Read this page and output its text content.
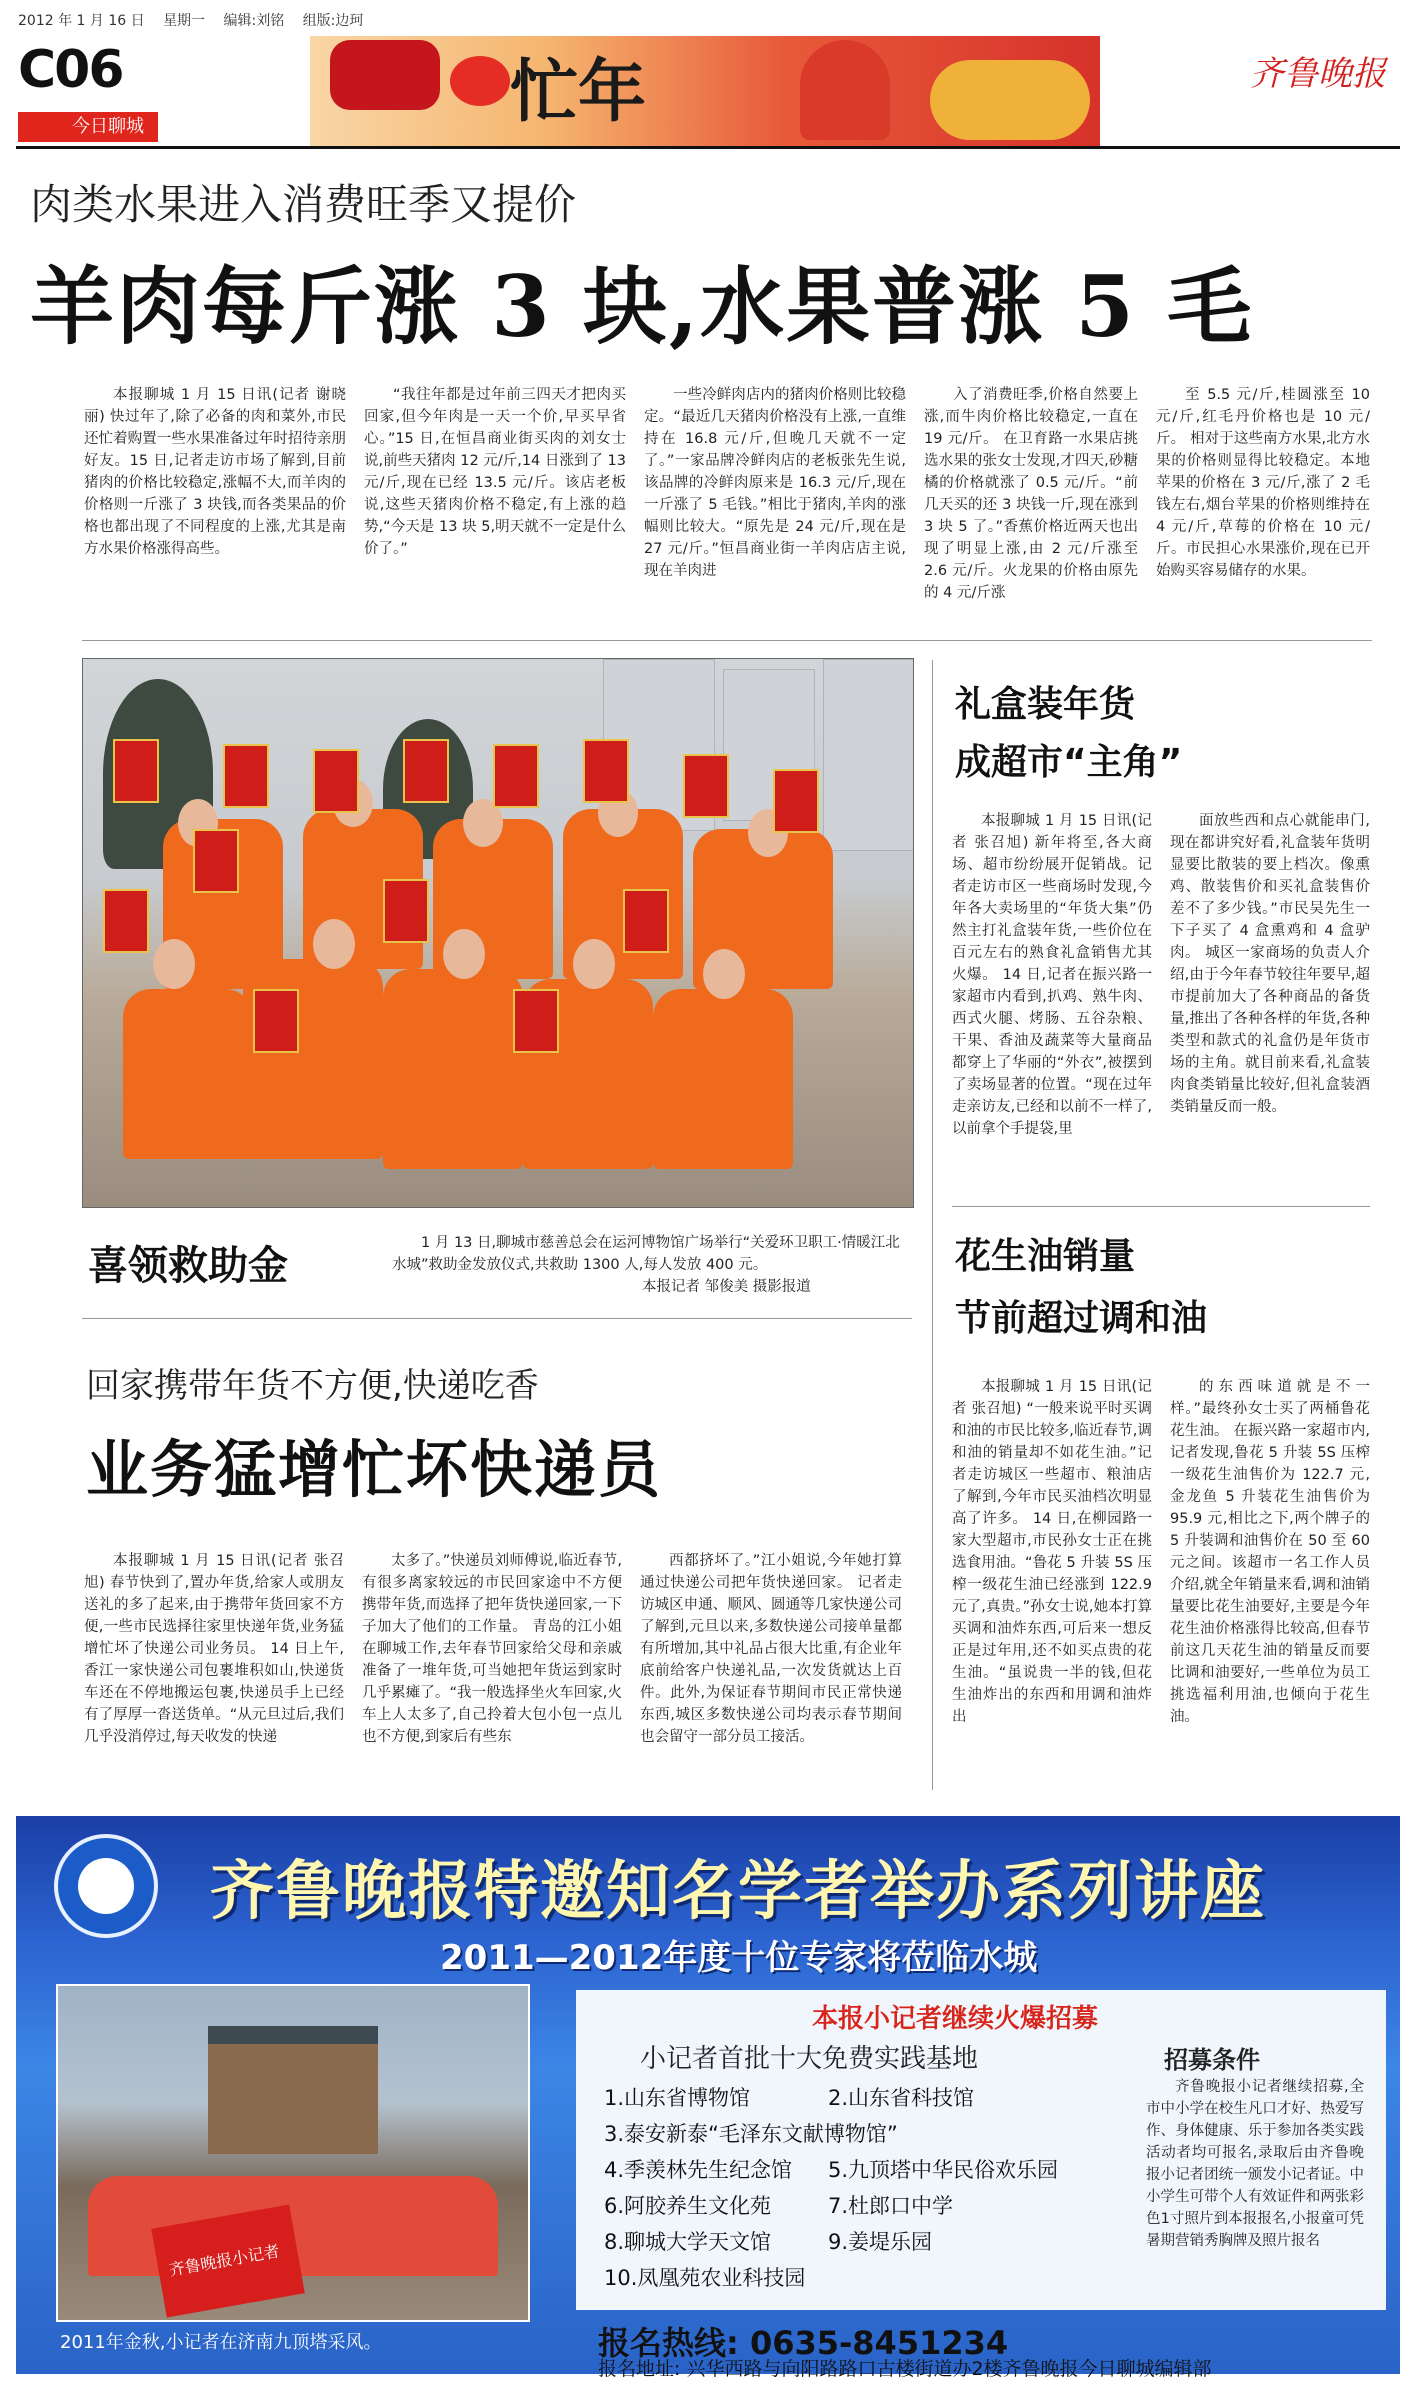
2012 年 1 月 16 日 星期一 编辑:刘铭 组版:边珂
忙年
C06
今日聊城
齐鲁晚报
肉类水果进入消费旺季又提价
羊肉每斤涨 3 块,水果普涨 5 毛

本报聊城 1 月 15 日讯(记者 谢晓丽) 快过年了,除了必备的肉和菜外,市民还忙着购置一些水果准备过年时招待亲朋好友。15 日,记者走访市场了解到,目前猪肉的价格比较稳定,涨幅不大,而羊肉的价格则一斤涨了 3 块钱,而各类果品的价格也都出现了不同程度的上涨,尤其是南方水果价格涨得高些。

“我往年都是过年前三四天才把肉买回家,但今年肉是一天一个价,早买早省心。”15 日,在恒昌商业街买肉的刘女士说,前些天猪肉 12 元/斤,14 日涨到了 13 元/斤,现在已经 13.5 元/斤。该店老板说,这些天猪肉价格不稳定,有上涨的趋势,“今天是 13 块 5,明天就不一定是什么价了。”

一些冷鲜肉店内的猪肉价格则比较稳定。“最近几天猪肉价格没有上涨,一直维持在 16.8 元/斤,但晚几天就不一定了。”一家品牌冷鲜肉店的老板张先生说,该品牌的冷鲜肉原来是 16.3 元/斤,现在一斤涨了 5 毛钱。”相比于猪肉,羊肉的涨幅则比较大。“原先是 24 元/斤,现在是 27 元/斤。”恒昌商业街一羊肉店店主说,现在羊肉进

入了消费旺季,价格自然要上涨,而牛肉价格比较稳定,一直在 19 元/斤。 在卫育路一水果店挑选水果的张女士发现,才四天,砂糖橘的价格就涨了 0.5 元/斤。“前几天买的还 3 块钱一斤,现在涨到 3 块 5 了。”香蕉价格近两天也出现了明显上涨,由 2 元/斤涨至 2.6 元/斤。火龙果的价格由原先的 4 元/斤涨

至 5.5 元/斤,桂圆涨至 10 元/斤,红毛丹价格也是 10 元/斤。 相对于这些南方水果,北方水果的价格则显得比较稳定。本地苹果的价格在 3 元/斤,涨了 2 毛钱左右,烟台苹果的价格则维持在 4 元/斤,草莓的价格在 10 元/斤。市民担心水果涨价,现在已开始购买容易储存的水果。

喜领救助金	1 月 13 日,聊城市慈善总会在运河博物馆广场举行“关爱环卫职工·情暖江北水城”救助金发放仪式,共救助 1300 人,每人发放 400 元。
本报记者 邹俊美 摄影报道
礼盒装年货
成超市“主角”

本报聊城 1 月 15 日讯(记者 张召旭) 新年将至,各大商场、超市纷纷展开促销战。记者走访市区一些商场时发现,今年各大卖场里的“年货大集”仍然主打礼盒装年货,一些价位在百元左右的熟食礼盒销售尤其火爆。 14 日,记者在振兴路一家超市内看到,扒鸡、熟牛肉、西式火腿、烤肠、五谷杂粮、干果、香油及蔬菜等大量商品都穿上了华丽的“外衣”,被摆到了卖场显著的位置。“现在过年走亲访友,已经和以前不一样了,以前拿个手提袋,里

面放些西和点心就能串门,现在都讲究好看,礼盒装年货明显要比散装的要上档次。像熏鸡、散装售价和买礼盒装售价差不了多少钱。”市民吴先生一下子买了 4 盒熏鸡和 4 盒驴肉。 城区一家商场的负责人介绍,由于今年春节较往年要早,超市提前加大了各种商品的备货量,推出了各种各样的年货,各种类型和款式的礼盒仍是年货市场的主角。就目前来看,礼盒装肉食类销量比较好,但礼盒装酒类销量反而一般。

花生油销量
节前超过调和油

本报聊城 1 月 15 日讯(记者 张召旭) “一般来说平时买调和油的市民比较多,临近春节,调和油的销量却不如花生油。”记者走访城区一些超市、粮油店了解到,今年市民买油档次明显高了许多。 14 日,在柳园路一家大型超市,市民孙女士正在挑选食用油。“鲁花 5 升装 5S 压榨一级花生油已经涨到 122.9 元了,真贵。”孙女士说,她本打算买调和油炸东西,可后来一想反正是过年用,还不如买点贵的花生油。“虽说贵一半的钱,但花生油炸出的东西和用调和油炸出

的东西味道就是不一样。”最终孙女士买了两桶鲁花花生油。 在振兴路一家超市内,记者发现,鲁花 5 升装 5S 压榨一级花生油售价为 122.7 元,金龙鱼 5 升装花生油售价为 95.9 元,相比之下,两个牌子的 5 升装调和油售价在 50 至 60 元之间。该超市一名工作人员介绍,就全年销量来看,调和油销量要比花生油要好,主要是今年花生油价格涨得比较高,但春节前这几天花生油的销量反而要比调和油要好,一些单位为员工挑选福利用油,也倾向于花生油。

回家携带年货不方便,快递吃香
业务猛增忙坏快递员

本报聊城 1 月 15 日讯(记者 张召旭) 春节快到了,置办年货,给家人或朋友送礼的多了起来,由于携带年货回家不方便,一些市民选择往家里快递年货,业务猛增忙坏了快递公司业务员。 14 日上午,香江一家快递公司包裹堆积如山,快递货车还在不停地搬运包裹,快递员手上已经有了厚厚一沓送货单。“从元旦过后,我们几乎没消停过,每天收发的快递

太多了。”快递员刘师傅说,临近春节,有很多离家较远的市民回家途中不方便携带年货,而选择了把年货快递回家,一下子加大了他们的工作量。 青岛的江小姐在聊城工作,去年春节回家给父母和亲戚准备了一堆年货,可当她把年货运到家时几乎累瘫了。“我一般选择坐火车回家,火车上人太多了,自己拎着大包小包一点儿也不方便,到家后有些东

西都挤坏了。”江小姐说,今年她打算通过快递公司把年货快递回家。 记者走访城区申通、顺风、圆通等几家快递公司了解到,元旦以来,多数快递公司接单量都有所增加,其中礼品占很大比重,有企业年底前给客户快递礼品,一次发货就达上百件。此外,为保证春节期间市民正常快递东西,城区多数快递公司均表示春节期间也会留守一部分员工接活。

齐鲁晚报特邀知名学者举办系列讲座
2011—2012年度十位专家将莅临水城
齐鲁晚报小记者
2011年金秋,小记者在济南九顶塔采风。
本报小记者继续火爆招募
小记者首批十大免费实践基地
1.山东省博物馆	2.山东省科技馆
3.泰安新泰“毛泽东文献博物馆”
4.季羡林先生纪念馆 5.九顶塔中华民俗欢乐园
6.阿胶养生文化苑	7.杜郎口中学
8.聊城大学天文馆	9.姜堤乐园
10.凤凰苑农业科技园
招募条件
齐鲁晚报小记者继续招募,全市中小学在校生凡口才好、热爱写作、身体健康、乐于参加各类实践活动者均可报名,录取后由齐鲁晚报小记者团统一颁发小记者证。中小学生可带个人有效证件和两张彩色1寸照片到本报报名,小报童可凭暑期营销秀胸牌及照片报名
报名热线: 0635-8451234
报名地址: 兴华西路与向阳路路口古楼街道办2楼齐鲁晚报今日聊城编辑部
